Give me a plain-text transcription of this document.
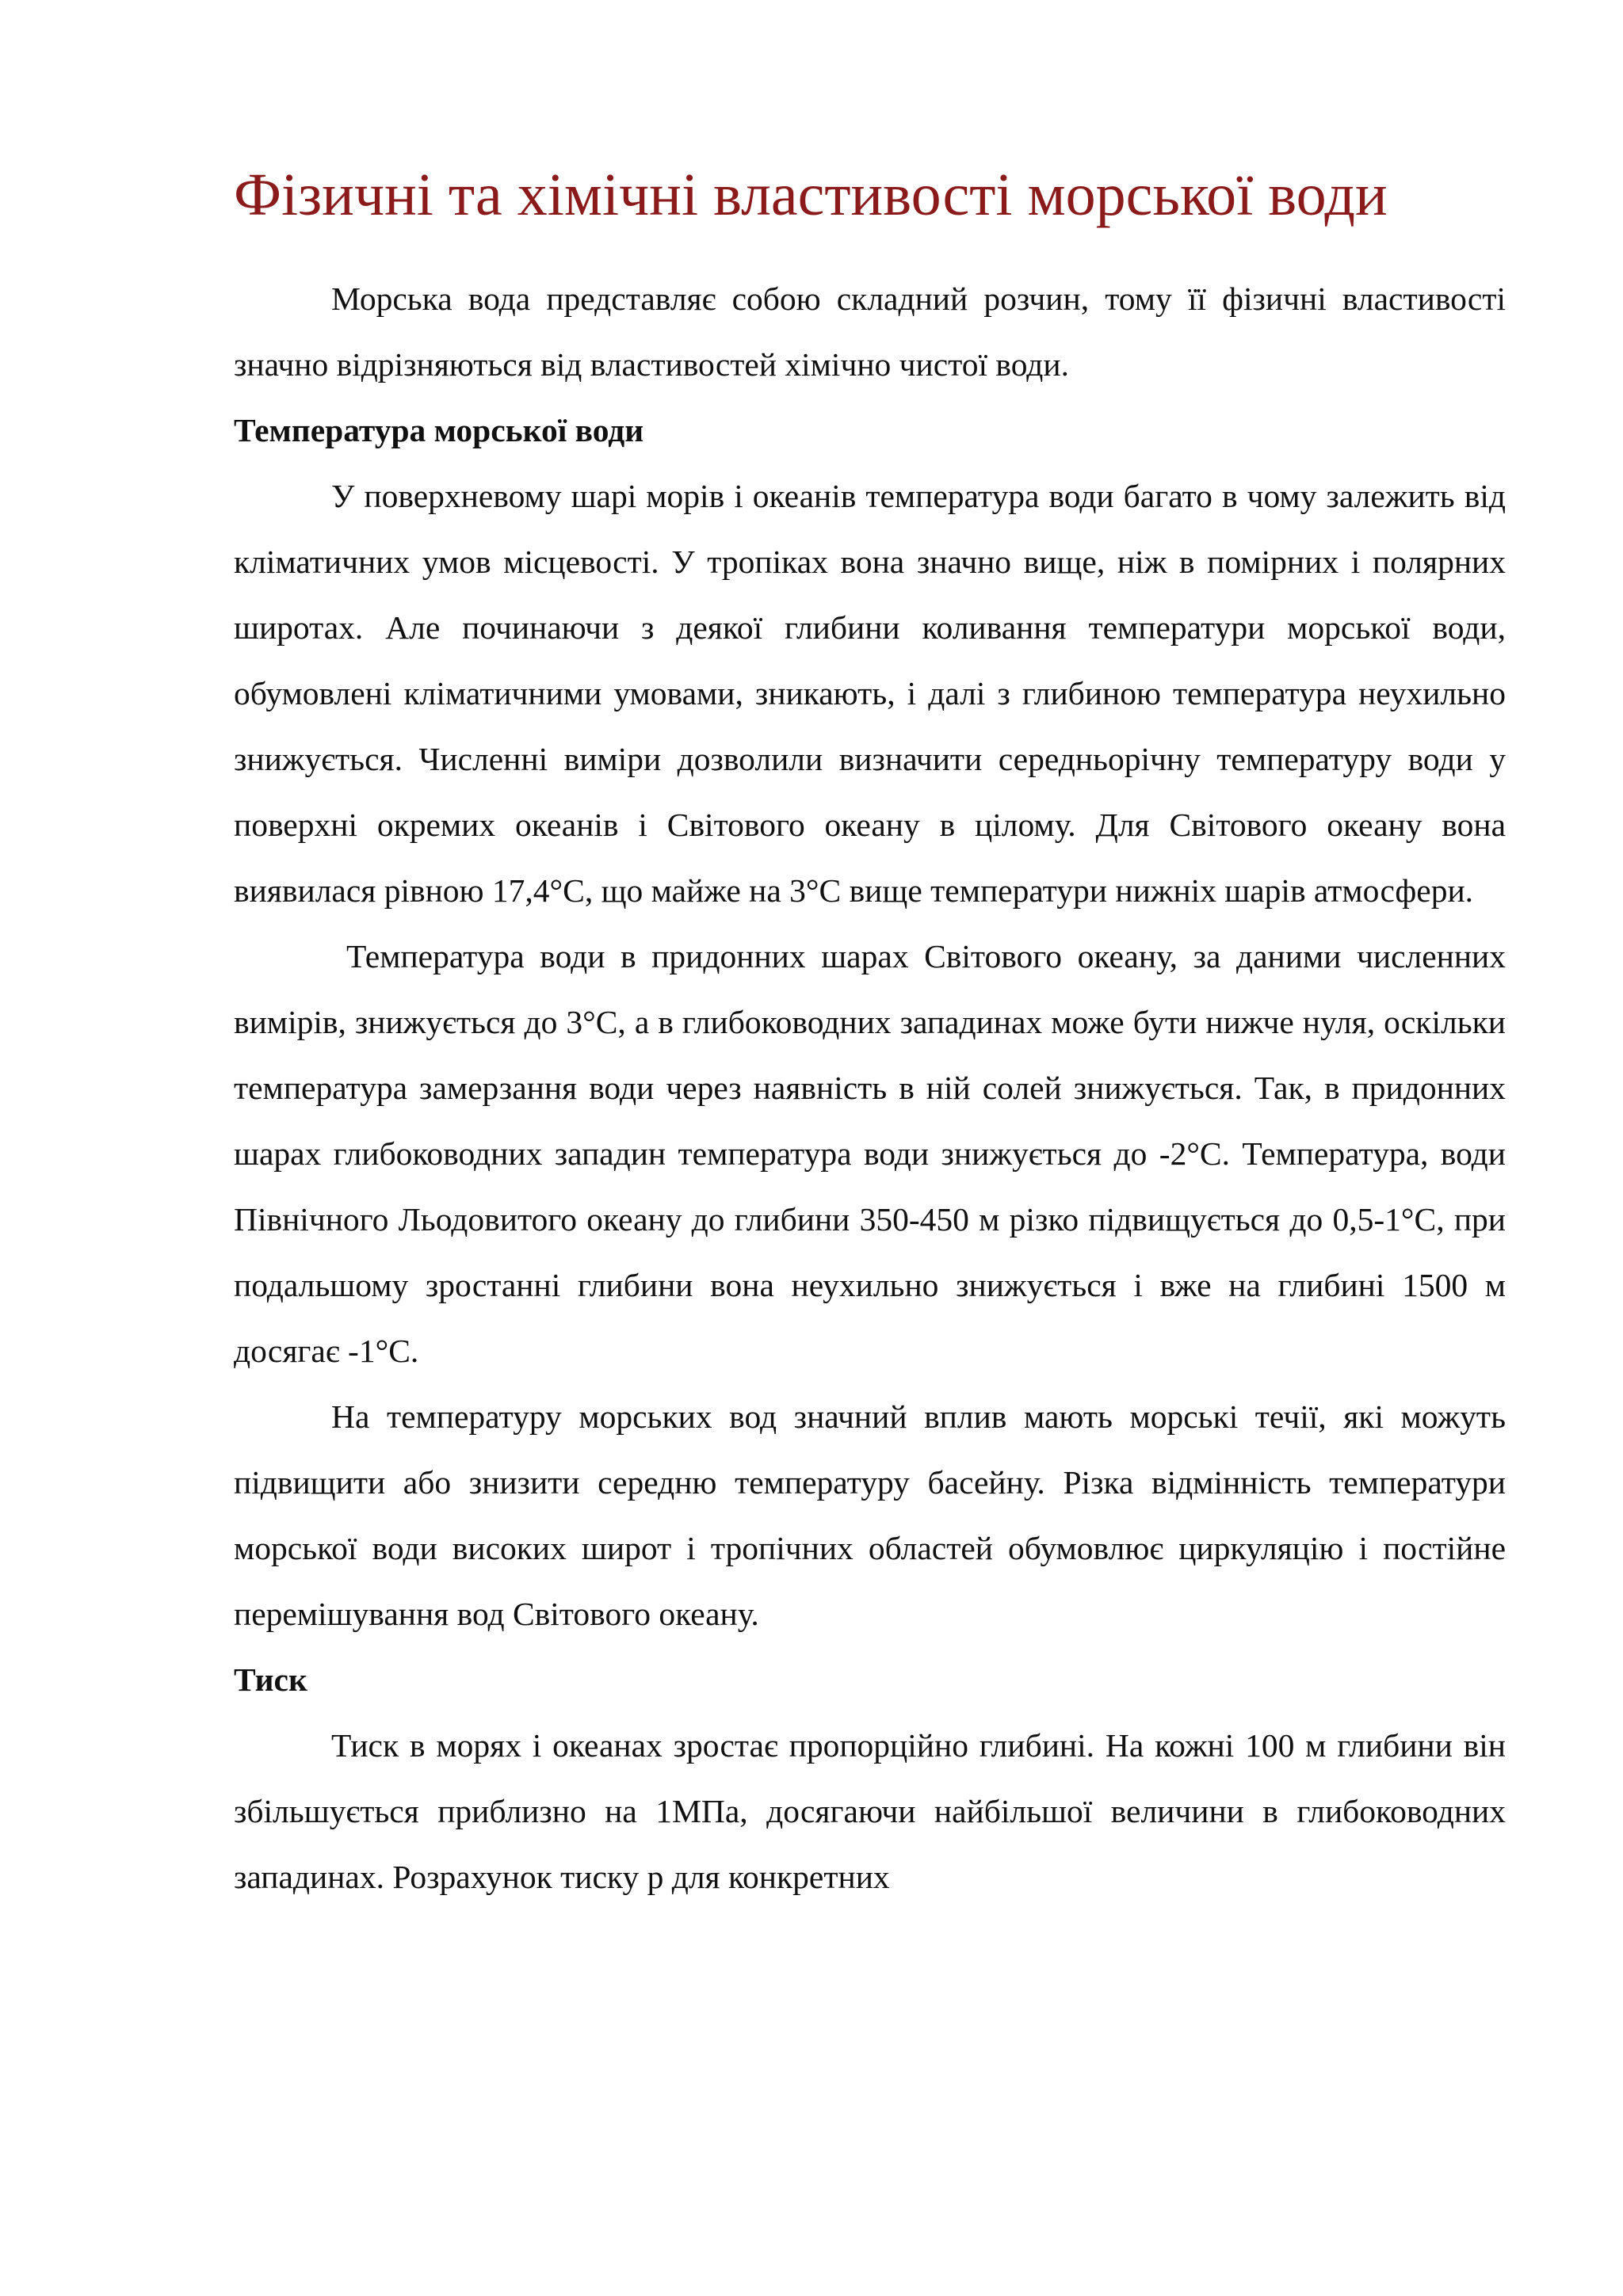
Фізичні та хімічні властивості морської води

Морська вода представляє собою складний розчин, тому її фізичні властивості значно відрізняються від властивостей хімічно чистої води.

Температура морської води

У поверхневому шарі морів і океанів температура води багато в чому залежить від кліматичних умов місцевості. У тропіках вона значно вище, ніж в помірних і полярних широтах. Але починаючи з деякої глибини коливання температури морської води, обумовлені кліматичними умовами, зникають, і далі з глибиною температура неухильно знижується. Численні виміри дозволили визначити середньорічну температуру води у поверхні окремих океанів і Світового океану в цілому. Для Світового океану вона виявилася рівною 17,4°С, що майже на 3°С вище температури нижніх шарів атмосфери.

Температура води в придонних шарах Світового океану, за даними численних вимірів, знижується до 3°С, а в глибоководних западинах може бути нижче нуля, оскільки температура замерзання води через наявність в ній солей знижується. Так, в придонних шарах глибоководних западин температура води знижується до -2°С. Температура, води Північного Льодовитого океану до глибини 350-450 м різко підвищується до 0,5-1°С, при подальшому зростанні глибини вона неухильно знижується і вже на глибині 1500 м досягає -1°С.

На температуру морських вод значний вплив мають морські течії, які можуть підвищити або знизити середню температуру басейну. Різка відмінність температури морської води високих широт і тропічних областей обумовлює циркуляцію і постійне перемішування вод Світового океану.

Тиск

Тиск в морях і океанах зростає пропорційно глибині. На кожні 100 м глибини він збільшується приблизно на 1МПа, досягаючи найбільшої величини в глибоководних западинах. Розрахунок тиску р для конкретних
